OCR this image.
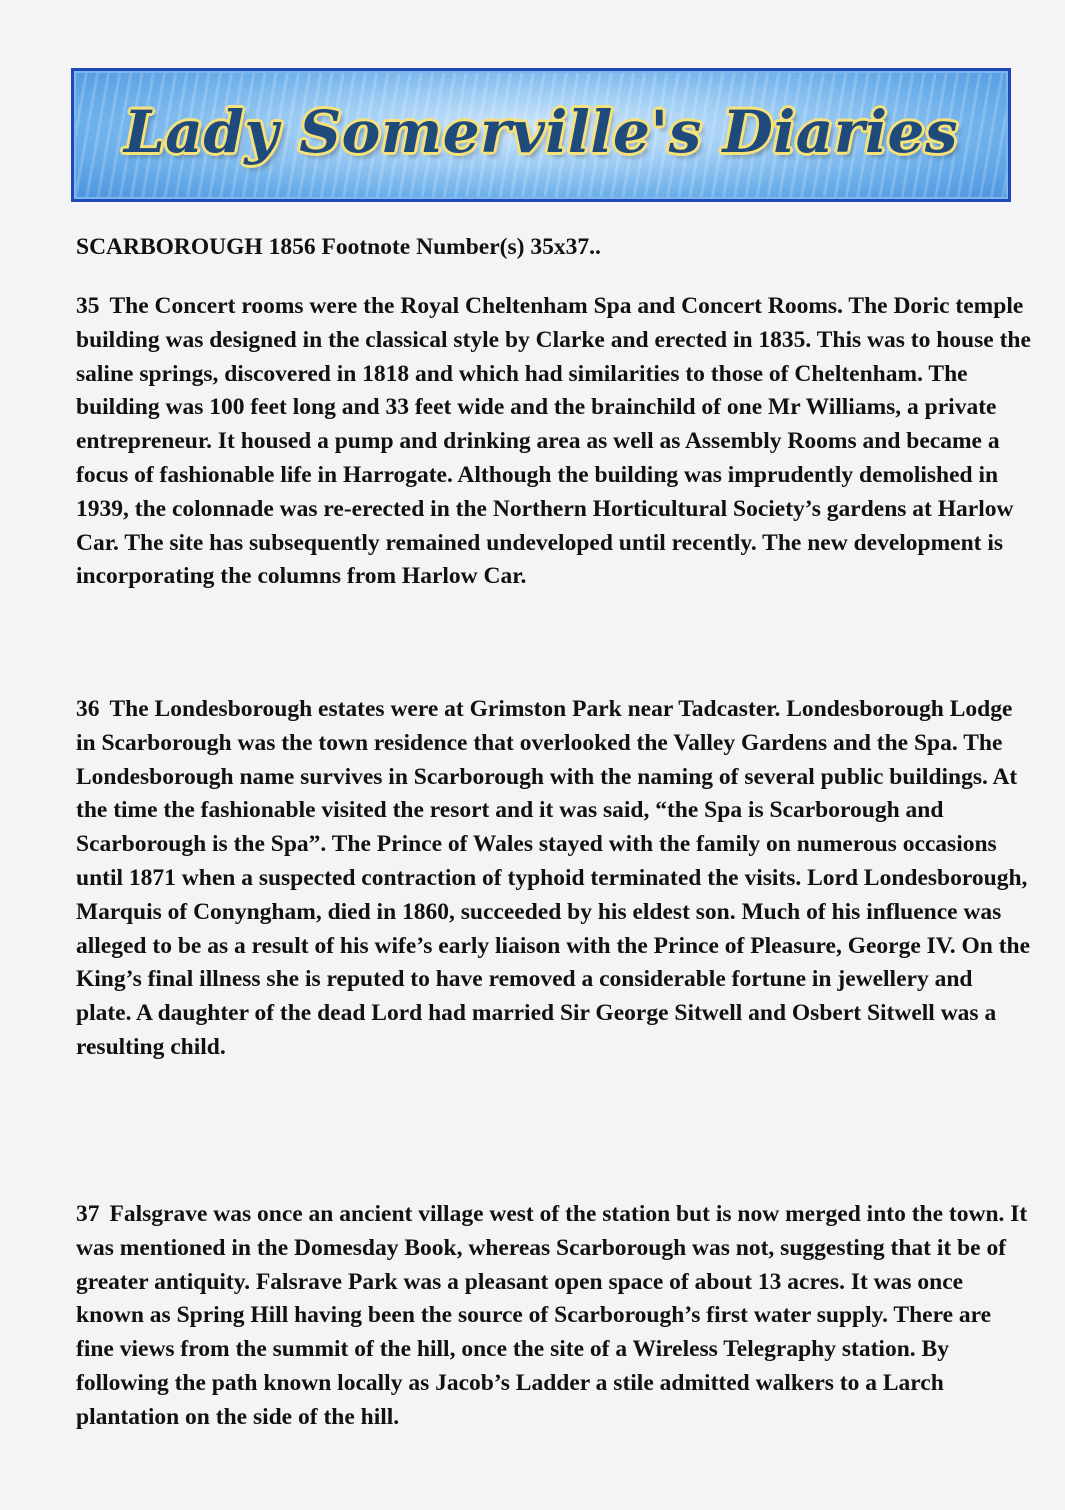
Lady Somerville's Diaries
SCARBOROUGH 1856 Footnote Number(s) 35x37..

35 The Concert rooms were the Royal Cheltenham Spa and Concert Rooms. The Doric temple building was designed in the classical style by Clarke and erected in 1835. This was to house the saline springs, discovered in 1818 and which had similarities to those of Cheltenham. The building was 100 feet long and 33 feet wide and the brainchild of one Mr Williams, a private entrepreneur. It housed a pump and drinking area as well as Assembly Rooms and became a focus of fashionable life in Harrogate. Although the building was imprudently demolished in 1939, the colonnade was re-erected in the Northern Horticultural Society’s gardens at Harlow Car. The site has subsequently remained undeveloped until recently. The new development is incorporating the columns from Harlow Car.

36 The Londesborough estates were at Grimston Park near Tadcaster. Londesborough Lodge in Scarborough was the town residence that overlooked the Valley Gardens and the Spa. The Londesborough name survives in Scarborough with the naming of several public buildings. At the time the fashionable visited the resort and it was said, “the Spa is Scarborough and Scarborough is the Spa”. The Prince of Wales stayed with the family on numerous occasions until 1871 when a suspected contraction of typhoid terminated the visits. Lord Londesborough, Marquis of Conyngham, died in 1860, succeeded by his eldest son. Much of his influence was alleged to be as a result of his wife’s early liaison with the Prince of Pleasure, George IV. On the King’s final illness she is reputed to have removed a considerable fortune in jewellery and plate. A daughter of the dead Lord had married Sir George Sitwell and Osbert Sitwell was a resulting child.

37 Falsgrave was once an ancient village west of the station but is now merged into the town. It was mentioned in the Domesday Book, whereas Scarborough was not, suggesting that it be of greater antiquity. Falsrave Park was a pleasant open space of about 13 acres. It was once known as Spring Hill having been the source of Scarborough’s first water supply. There are fine views from the summit of the hill, once the site of a Wireless Telegraphy station. By following the path known locally as Jacob’s Ladder a stile admitted walkers to a Larch plantation on the side of the hill.
